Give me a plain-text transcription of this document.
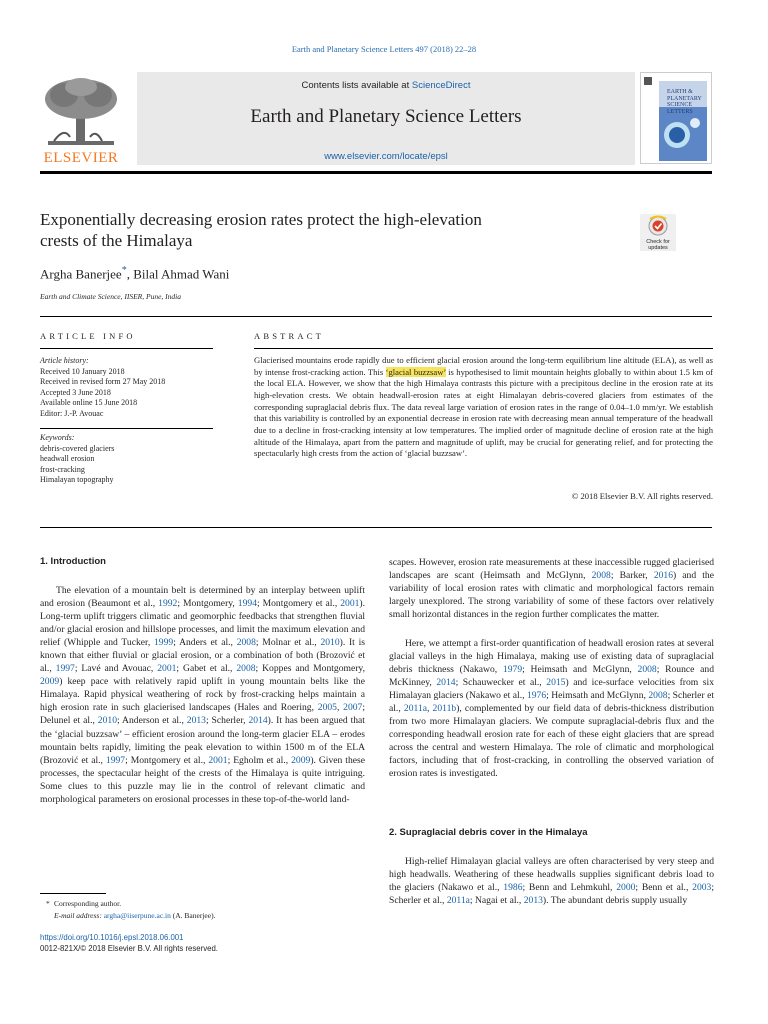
Earth and Planetary Science Letters 497 (2018) 22–28
ELSEVIER
Contents lists available at ScienceDirect
Earth and Planetary Science Letters
www.elsevier.com/locate/epsl
EARTH & PLANETARY SCIENCE LETTERS
Exponentially decreasing erosion rates protect the high-elevation
crests of the Himalaya	Check for updates
Argha Banerjee*, Bilal Ahmad Wani
Earth and Climate Science, IISER, Pune, India
ARTICLE INFO	ABSTRACT
Article history:
Received 10 January 2018
Received in revised form 27 May 2018
Accepted 3 June 2018
Available online 15 June 2018
Editor: J.-P. Avouac
Keywords:
debris-covered glaciers
headwall erosion
frost-cracking
Himalayan topography
Glacierised mountains erode rapidly due to efficient glacial erosion around the long-term equilibrium line altitude (ELA), as well as by intense frost-cracking action. This ‘glacial buzzsaw’ is hypothesised to limit mountain heights globally to within about 1.5 km of the local ELA. However, we show that the high Himalaya contrasts this picture with a precipitous decline in the erosion rate at its high-elevation crests. We obtain headwall-erosion rates at eight Himalayan debris-covered glaciers from estimates of the corresponding supraglacial debris flux. The data reveal large variation of erosion rates in the range of 0.04–1.0 mm/yr. We establish that this variability is controlled by an exponential decrease in erosion rate with decreasing mean annual temperature of the headwall due to a decline in frost-cracking intensity at low temperatures. The implied order of magnitude decline of erosion rate at the high altitude of the Himalaya, apart from the pattern and magnitude of uplift, may be crucial for generating relief, and for protecting the spectacularly high crests from the action of ‘glacial buzzsaw’.
© 2018 Elsevier B.V. All rights reserved.
1. Introduction
The elevation of a mountain belt is determined by an interplay between uplift and erosion (Beaumont et al., 1992; Montgomery, 1994; Montgomery et al., 2001). Long-term uplift triggers climatic and geomorphic feedbacks that strengthen fluvial and/or glacial erosion and hillslope processes, and limit the maximum elevation and relief (Whipple and Tucker, 1999; Anders et al., 2008; Molnar et al., 2010). It is known that either fluvial or glacial erosion, or a combination of both (Brozović et al., 1997; Lavé and Avouac, 2001; Gabet et al., 2008; Koppes and Montgomery, 2009) keep pace with relatively rapid uplift in young mountain belts like the Himalaya. Rapid physical weathering of rock by frost-cracking helps maintain a high erosion rate in such glacierised landscapes (Hales and Roering, 2005, 2007; Delunel et al., 2010; Anderson et al., 2013; Scherler, 2014). It has been argued that the ‘glacial buzzsaw’ – efficient erosion around the long-term glacier ELA – erodes mountain belts rapidly, limiting the peak elevation to within 1500 m of the ELA (Brozović et al., 1997; Montgomery et al., 2001; Egholm et al., 2009). Given these processes, the spectacular height of the crests of the Himalaya is quite intriguing. Some clues to this puzzle may lie in the control of relevant climatic and morphological parameters on erosional processes in these top-of-the-world land-
* Corresponding author.
E-mail address: argha@iiserpune.ac.in (A. Banerjee).
https://doi.org/10.1016/j.epsl.2018.06.001
0012-821X/© 2018 Elsevier B.V. All rights reserved.
scapes. However, erosion rate measurements at these inaccessible rugged glacierised landscapes are scant (Heimsath and McGlynn, 2008; Barker, 2016) and the variability of local erosion rates with climatic and morphological factors remain largely unexplored. The strong variability of some of these factors over relatively small horizontal distances in the region further complicates the matter.
Here, we attempt a first-order quantification of headwall erosion rates at several glacial valleys in the high Himalaya, making use of existing data of supraglacial debris thickness (Nakawo, 1979; Heimsath and McGlynn, 2008; Rounce and McKinney, 2014; Schauwecker et al., 2015) and ice-surface velocities from six Himalayan glaciers (Nakawo et al., 1976; Heimsath and McGlynn, 2008; Scherler et al., 2011a, 2011b), complemented by our field data of debris-thickness distribution from two more Himalayan glaciers. We compute supraglacial-debris flux and the corresponding headwall erosion rate for each of these eight glaciers that are spread across the central and western Himalaya. The role of climatic and morphological factors, including that of frost-cracking, in controlling the observed variation of erosion rates is investigated.
2. Supraglacial debris cover in the Himalaya
High-relief Himalayan glacial valleys are often characterised by very steep and high headwalls. Weathering of these headwalls supplies significant debris load to the glaciers (Nakawo et al., 1986; Benn and Lehmkuhl, 2000; Benn et al., 2003; Scherler et al., 2011a; Nagai et al., 2013). The abundant debris supply usually
